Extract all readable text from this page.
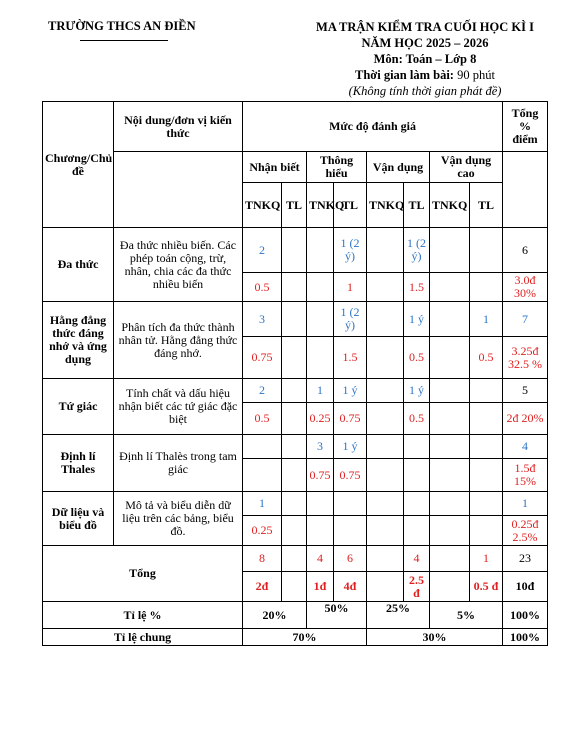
TRƯỜNG THCS AN ĐIỀN	MA TRẬN KIỂM TRA CUỐI HỌC KÌ I
NĂM HỌC 2025 – 2026
Môn: Toán – Lớp 8
Thời gian làm bài: 90 phút
(Không tính thời gian phát đề)
Chương/Chủ đề	Nội dung/đơn vị kiến thức	Mức độ đánh giá								Tổng % điểm
		Nhận biết		Thông hiểu		Vận dụng		Vận dụng cao		
		TNKQ	TL	TNKQ	TL	TNKQ	TL	TNKQ	TL	
Đa thức	Đa thức nhiều biến. Các phép toán cộng, trừ, nhân, chia các đa thức nhiều biến	2			1 (2 ý)		1 (2 ý)			6
		0.5			1		1.5			3.0đ 30%
Hằng đẳng thức đáng nhớ và ứng dụng	Phân tích đa thức thành nhân tử. Hằng đẳng thức đáng nhớ.	3			1 (2 ý)		1 ý		1	7
		0.75			1.5		0.5		0.5	3.25đ 32.5 %
Tứ giác	Tính chất và dấu hiệu nhận biết các tứ giác đặc biệt	2		1	1 ý		1 ý			5
		0.5		0.25	0.75		0.5			2đ 20%
Định lí Thales	Định lí Thalès trong tam giác			3	1 ý					4
				0.75	0.75					1.5đ 15%
Dữ liệu và biểu đồ	Mô tả và biểu diễn dữ liệu trên các bảng, biểu đồ.	1								1
		0.25								0.25đ 2.5%
Tổng		8		4	6		4		1	23
		2đ		1đ	4đ		2.5 đ		0.5 đ	10đ
Tỉ lệ %		20%		50%		25%		5%		100%
Tỉ lệ chung		70%				30%				100%
